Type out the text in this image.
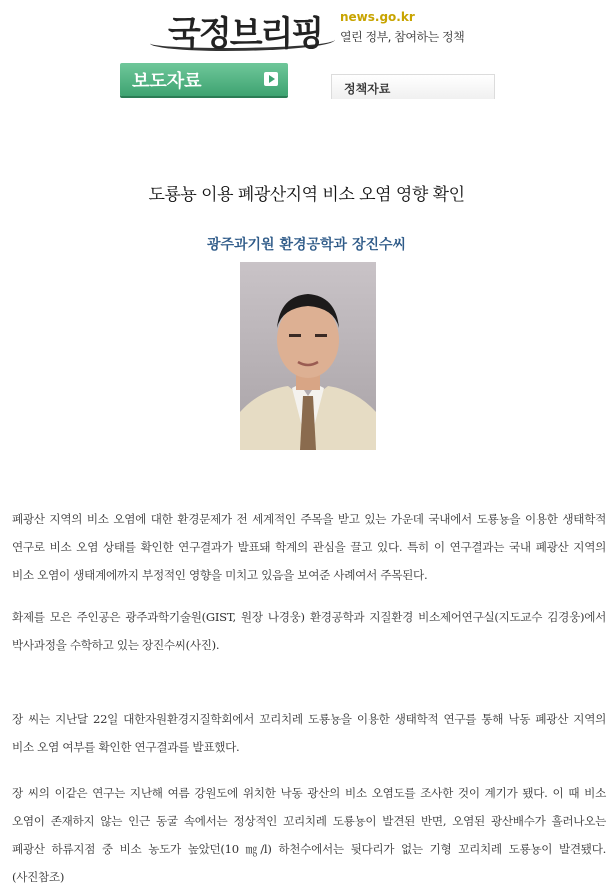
국정브리핑 news.go.kr
열린 정부, 참여하는 정책
보도자료	정책자료
도룡뇽 이용 폐광산지역 비소 오염 영향 확인
광주과기원 환경공학과 장진수씨
폐광산 지역의 비소 오염에 대한 환경문제가 전 세계적인 주목을 받고 있는 가운데 국내에서 도룡뇽을 이용한 생태학적 연구로 비소 오염 상태를 확인한 연구결과가 발표돼 학계의 관심을 끌고 있다. 특히 이 연구결과는 국내 폐광산 지역의 비소 오염이 생태계에까지 부정적인 영향을 미치고 있음을 보여준 사례여서 주목된다.
화제를 모은 주인공은 광주과학기술원(GIST, 원장 나경웅) 환경공학과 지질환경 비소제어연구실(지도교수 김경웅)에서 박사과정을 수학하고 있는 장진수씨(사진).
장 씨는 지난달 22일 대한자원환경지질학회에서 꼬리치레 도룡뇽을 이용한 생태학적 연구를 통해 낙동 폐광산 지역의 비소 오염 여부를 확인한 연구결과를 발표했다.
장 씨의 이같은 연구는 지난해 여름 강원도에 위치한 낙동 광산의 비소 오염도를 조사한 것이 계기가 됐다. 이 때 비소 오염이 존재하지 않는 인근 동굴 속에서는 정상적인 꼬리치레 도룡뇽이 발견된 반면, 오염된 광산배수가 흘러나오는 폐광산 하류지점 중 비소 농도가 높았던(10 ㎎/l) 하천수에서는 뒷다리가 없는 기형 꼬리치레 도룡뇽이 발견됐다. (사진참조)
